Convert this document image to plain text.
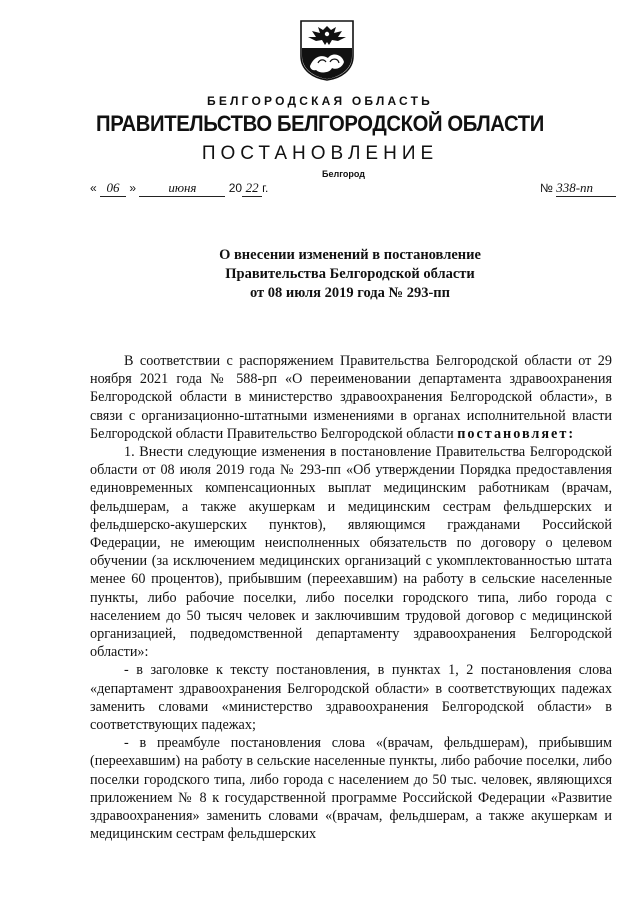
БЕЛГОРОДСКАЯ ОБЛАСТЬ
ПРАВИТЕЛЬСТВО БЕЛГОРОДСКОЙ ОБЛАСТИ
ПОСТАНОВЛЕНИЕ
Белгород
« 06 » июня	20 22 г.	№ 338-пп
О внесении изменений в постановление
Правительства Белгородской области
от 08 июля 2019 года № 293-пп

В соответствии с распоряжением Правительства Белгородской области от 29 ноября 2021 года № 588-рп «О переименовании департамента здравоохранения Белгородской области в министерство здравоохранения Белгородской области», в связи с организационно-штатными изменениями в органах исполнительной власти Белгородской области Правительство Белгородской области постановляет:

1. Внести следующие изменения в постановление Правительства Белгородской области от 08 июля 2019 года № 293-пп «Об утверждении Порядка предоставления единовременных компенсационных выплат медицинским работникам (врачам, фельдшерам, а также акушеркам и медицинским сестрам фельдшерских и фельдшерско-акушерских пунктов), являющимся гражданами Российской Федерации, не имеющим неисполненных обязательств по договору о целевом обучении (за исключением медицинских организаций с укомплектованностью штата менее 60 процентов), прибывшим (переехавшим) на работу в сельские населенные пункты, либо рабочие поселки, либо поселки городского типа, либо города с населением до 50 тысяч человек и заключившим трудовой договор с медицинской организацией, подведомственной департаменту здравоохранения Белгородской области»:

- в заголовке к тексту постановления, в пунктах 1, 2 постановления слова «департамент здравоохранения Белгородской области» в соответствующих падежах заменить словами «министерство здравоохранения Белгородской области» в соответствующих падежах;

- в преамбуле постановления слова «(врачам, фельдшерам), прибывшим (переехавшим) на работу в сельские населенные пункты, либо рабочие поселки, либо поселки городского типа, либо города с населением до 50 тыс. человек, являющихся приложением № 8 к государственной программе Российской Федерации «Развитие здравоохранения» заменить словами «(врачам, фельдшерам, а также акушеркам и медицинским сестрам фельдшерских
